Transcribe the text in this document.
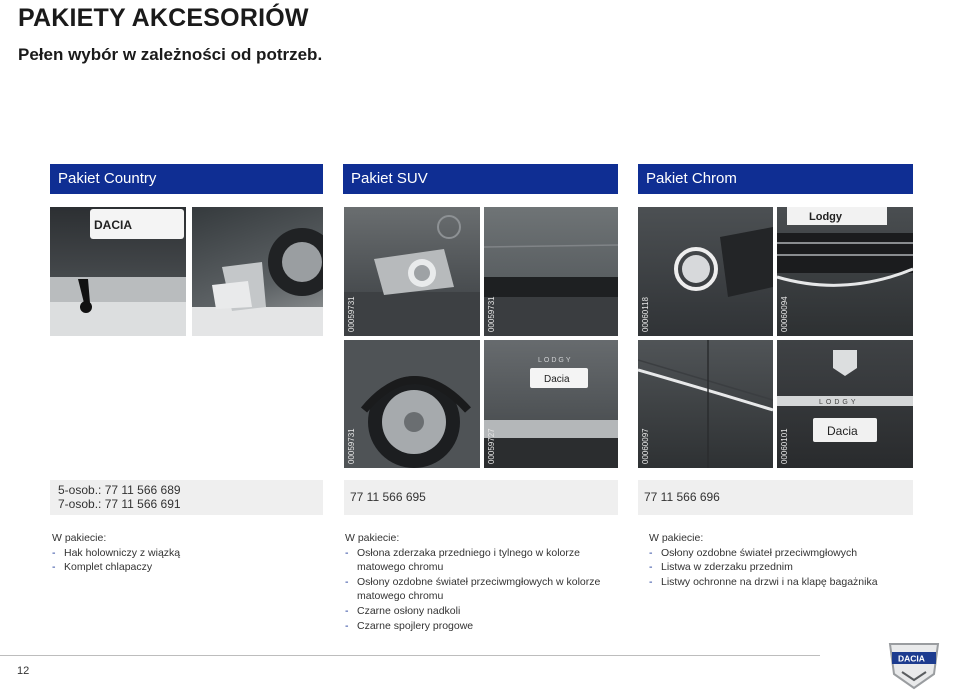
PAKIETY AKCESORIÓW
Pełen wybór w zależności od potrzeb.
Pakiet Country	Pakiet SUV	Pakiet Chrom
DACIA
00059731	00059731
00059731
LODGY
Dacia
00059727
00060118
Lodgy
00060094
00060097
LODGY
Dacia
00060101
5-osob.: 77 11 566 689
7-osob.: 77 11 566 691	77 11 566 695	77 11 566 696
W pakiecie:
- Hak holowniczy z wiązką
- Komplet chlapaczy
W pakiecie:
- Osłona zderzaka przedniego i tylnego w kolorze matowego chromu
- Osłony ozdobne świateł przeciwmgłowych w kolorze matowego chromu
- Czarne osłony nadkoli
- Czarne spojlery progowe
W pakiecie:
- Osłony ozdobne świateł przeciwmgłowych
- Listwa w zderzaku przednim
- Listwy ochronne na drzwi i na klapę bagażnika
12
DACIA
